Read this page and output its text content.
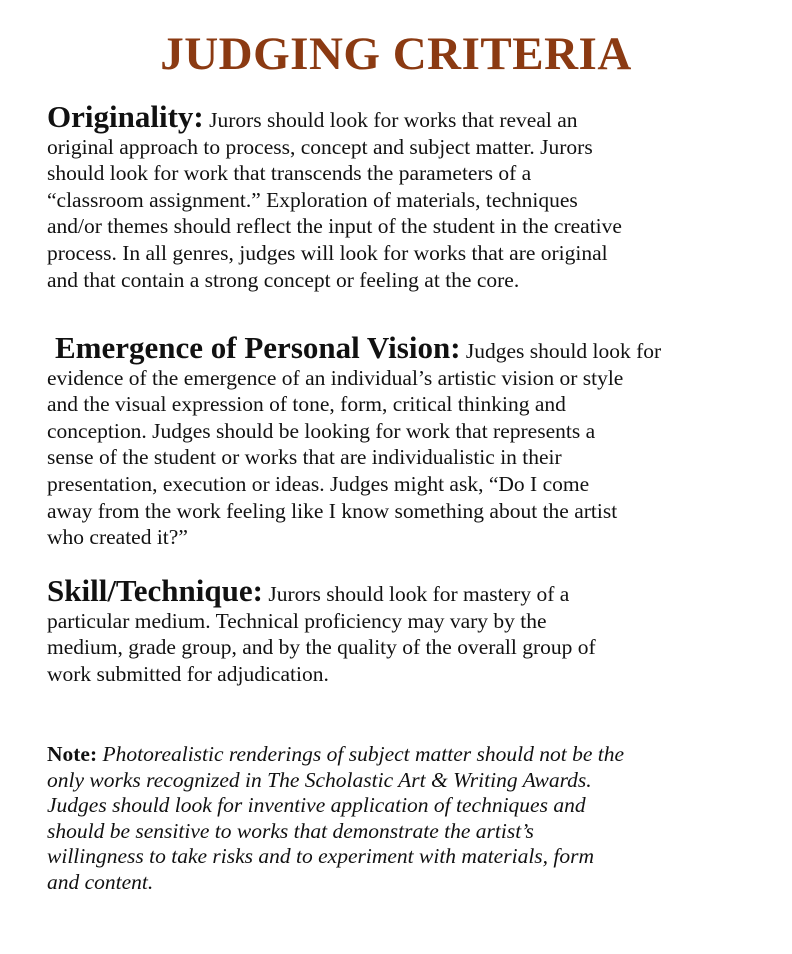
JUDGING CRITERIA
Originality: Jurors should look for works that reveal an
original approach to process, concept and subject matter. Jurors
should look for work that transcends the parameters of a
“classroom assignment.” Exploration of materials, techniques
and/or themes should reflect the input of the student in the creative
process. In all genres, judges will look for works that are original
and that contain a strong concept or feeling at the core.
Emergence of Personal Vision: Judges should look for
evidence of the emergence of an individual’s artistic vision or style
and the visual expression of tone, form, critical thinking and
conception. Judges should be looking for work that represents a
sense of the student or works that are individualistic in their
presentation, execution or ideas. Judges might ask, “Do I come
away from the work feeling like I know something about the artist
who created it?”
Skill/Technique: Jurors should look for mastery of a
particular medium. Technical proficiency may vary by the
medium, grade group, and by the quality of the overall group of
work submitted for adjudication.
Note: Photorealistic renderings of subject matter should not be the
only works recognized in The Scholastic Art & Writing Awards.
Judges should look for inventive application of techniques and
should be sensitive to works that demonstrate the artist’s
willingness to take risks and to experiment with materials, form
and content.
